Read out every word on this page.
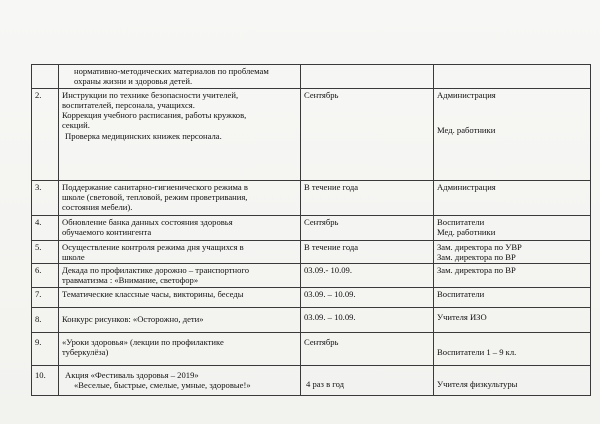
	нормативно-методических материалов по проблемам
охраны жизни и здоровья детей.		

2.	Инструкции по технике безопасности учителей,
воспитателей, персонала, учащихся.
Коррекция учебного расписания, работы кружков,
секций.
Проверка медицинских книжек персонала.	Сентябрь	Администрация
Мед. работники

3.	Поддержание санитарно-гигиенического режима в
школе (световой, тепловой, режим проветривания,
состояния мебели).	В течение года	Администрация

4.	Обновление банка данных состояния здоровья
обучаемого контингента	Сентябрь	Воспитатели
Мед. работники

5.	Осуществление контроля режима дня учащихся в
школе	В течение года	Зам. директора по УВР
Зам. директора по ВР

6.	Декада по профилактике дорожно – транспортного
травматизма : «Внимание, светофор»	03.09.- 10.09.	Зам. директора по ВР

7.	Тематические классные часы, викторины, беседы	03.09. – 10.09.	Воспитатели

8.	Конкурс рисунков: «Осторожно, дети»	03.09. – 10.09.	Учителя ИЗО

9.	«Уроки здоровья» (лекции по профилактике
туберкулёза)	Сентябрь	Воспитатели 1 – 9 кл.

10.	Акция «Фестиваль здоровья – 2019»
«Веселые, быстрые, смелые, умные, здоровые!»	4 раз в год	Учителя физкультуры
